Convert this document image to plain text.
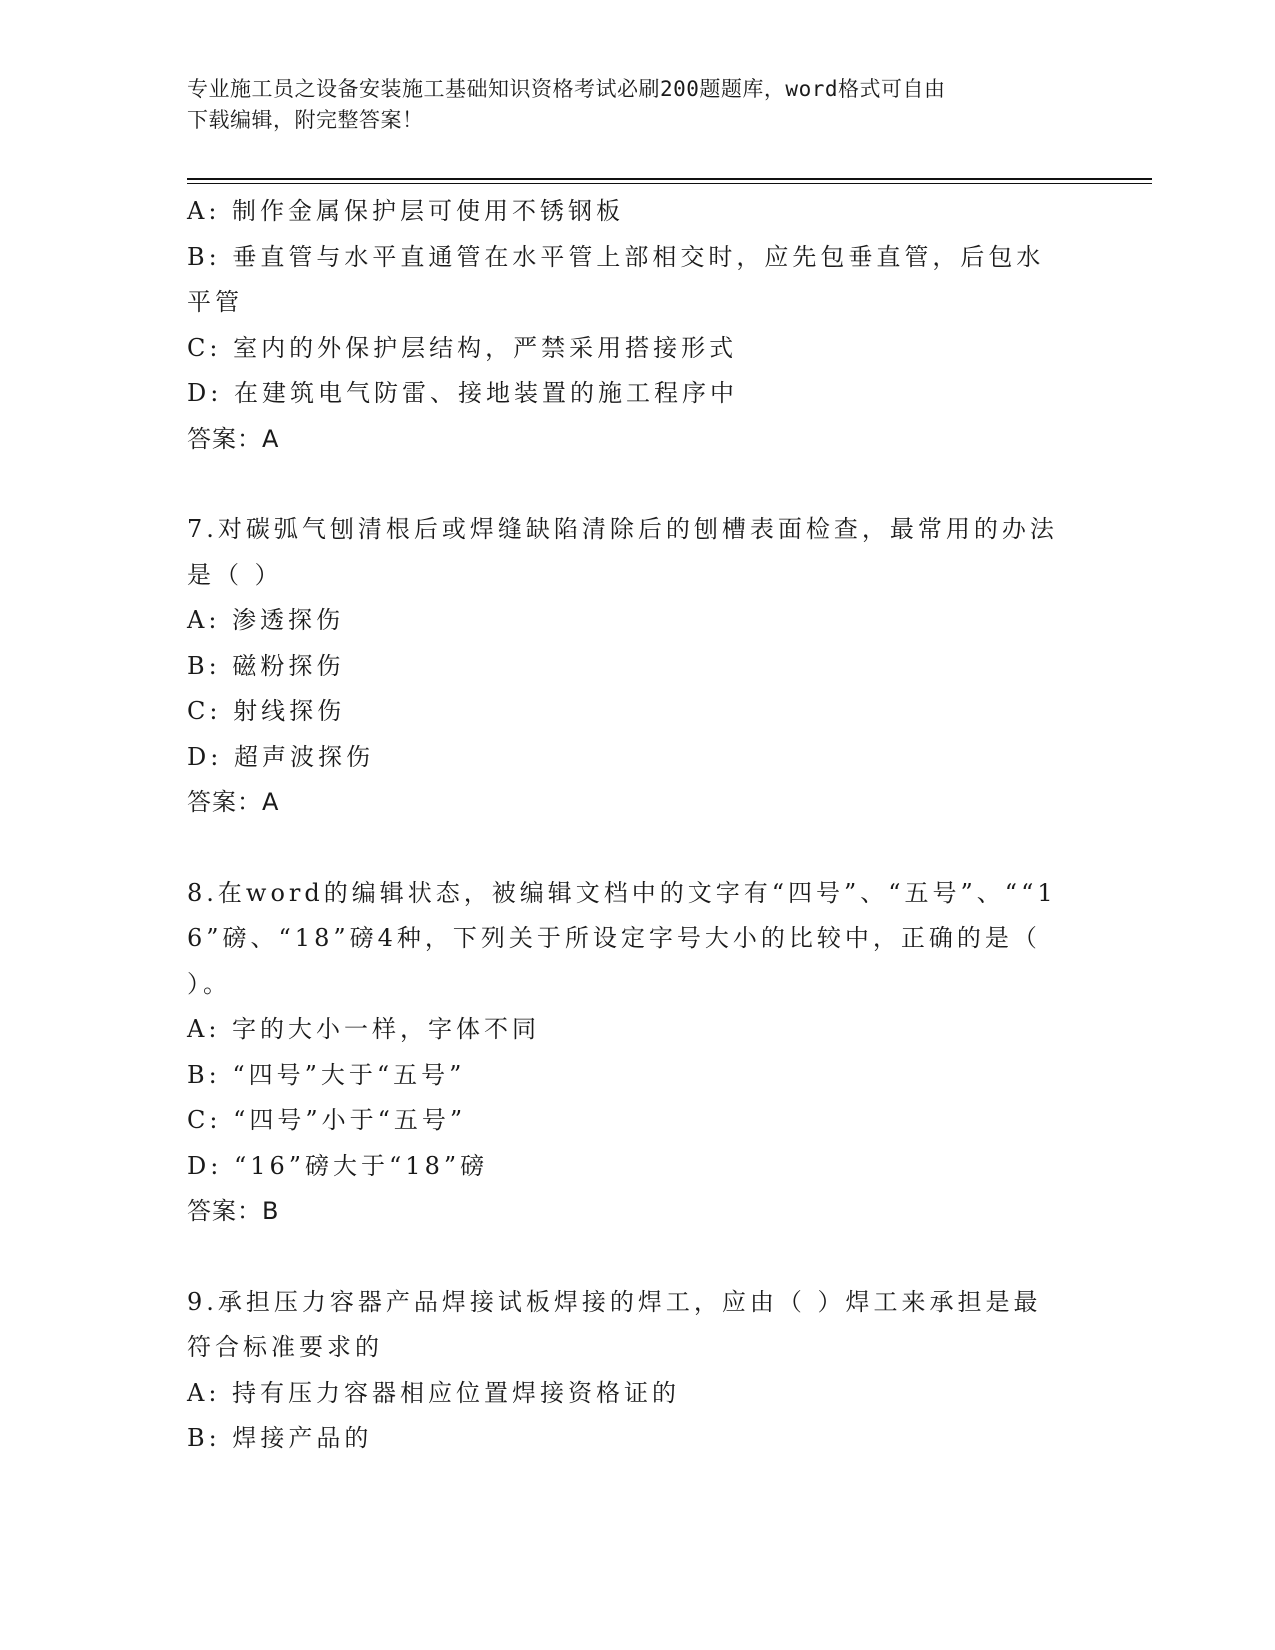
专业施工员之设备安装施工基础知识资格考试必刷200题题库，word格式可自由
下载编辑，附完整答案！
A: 制作金属保护层可使用不锈钢板
B: 垂直管与水平直通管在水平管上部相交时，应先包垂直管，后包水平管
C: 室内的外保护层结构，严禁采用搭接形式
D: 在建筑电气防雷、接地装置的施工程序中
答案：A
7.对碳弧气刨清根后或焊缝缺陷清除后的刨槽表面检查，最常用的办法是（ ）
A: 渗透探伤
B: 磁粉探伤
C: 射线探伤
D: 超声波探伤
答案：A
8.在word的编辑状态，被编辑文档中的文字有“四号”、“五号”、““16”磅、“18”磅4种，下列关于所设定字号大小的比较中，正确的是（ ）。
A: 字的大小一样，字体不同
B: “四号”大于“五号”
C: “四号”小于“五号”
D: “16”磅大于“18”磅
答案：B
9.承担压力容器产品焊接试板焊接的焊工，应由（ ）焊工来承担是最符合标准要求的
A: 持有压力容器相应位置焊接资格证的
B: 焊接产品的
